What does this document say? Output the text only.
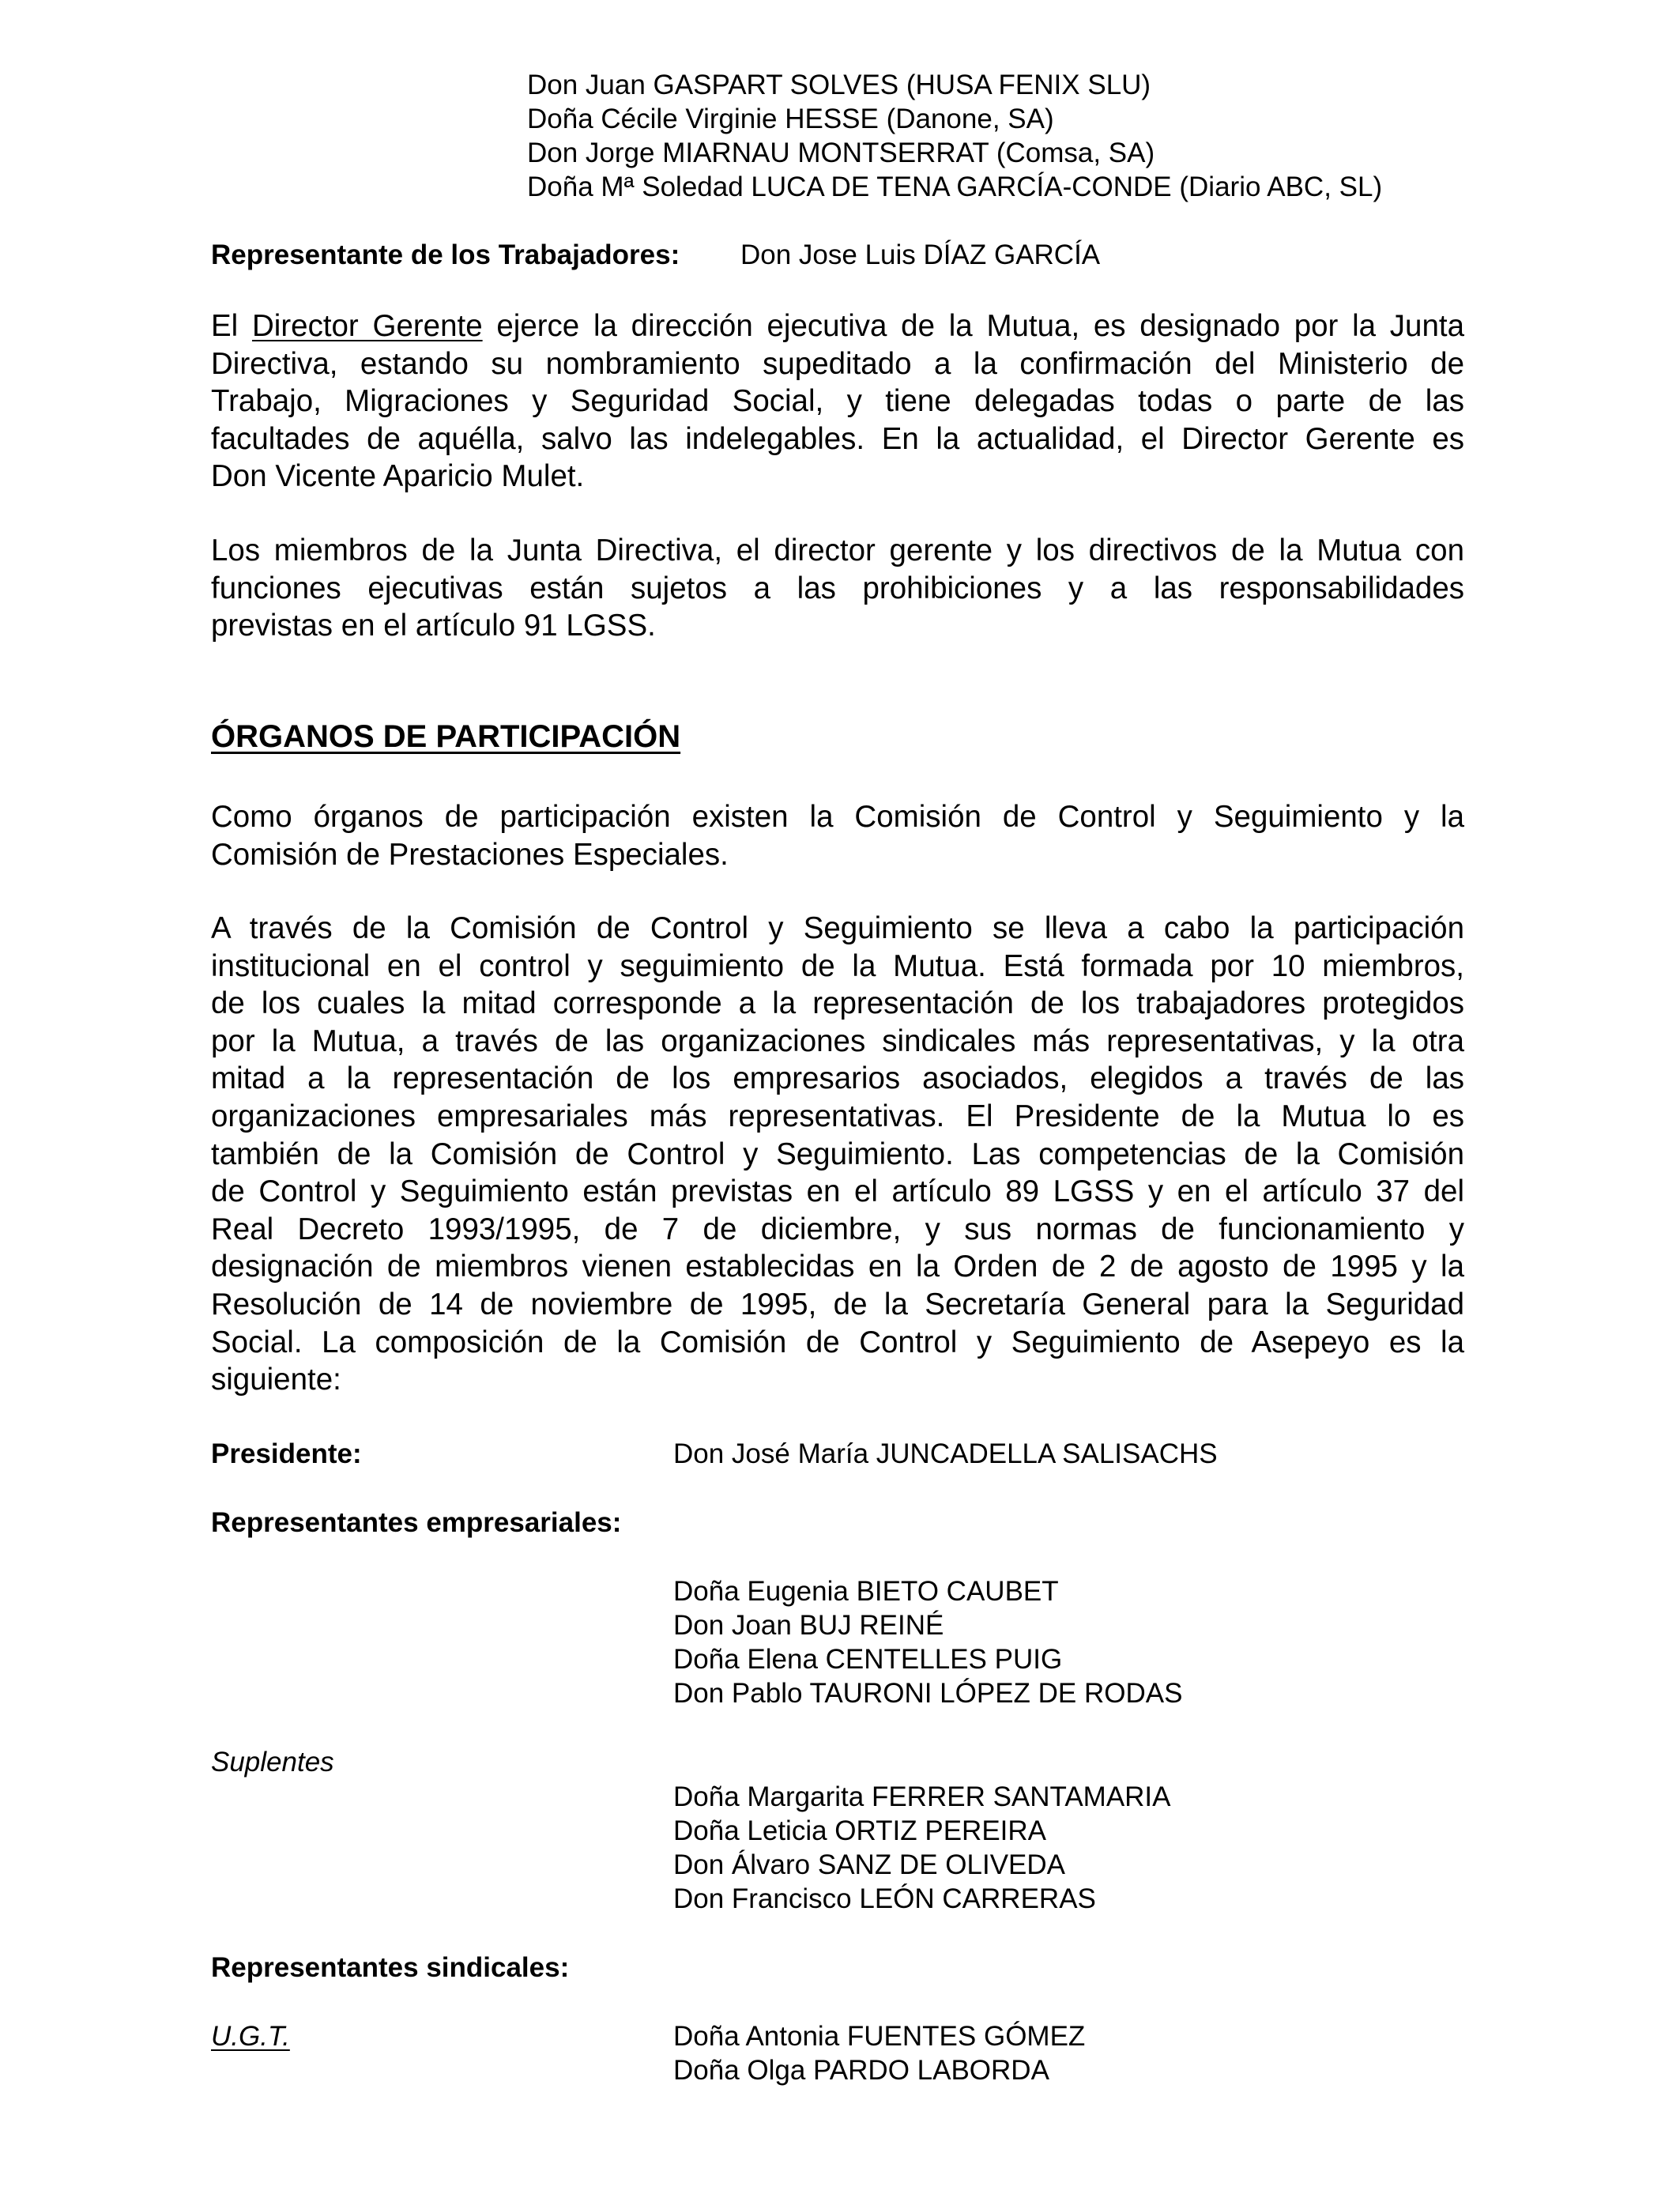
Don Juan GASPART SOLVES (HUSA FENIX SLU)
Doña Cécile Virginie HESSE (Danone, SA)
Don Jorge MIARNAU MONTSERRAT (Comsa, SA)
Doña Mª Soledad LUCA DE TENA GARCÍA-CONDE (Diario ABC, SL)
Representante de los Trabajadores: Don Jose Luis DÍAZ GARCÍA
El Director Gerente ejerce la dirección ejecutiva de la Mutua, es designado por la Junta
Directiva, estando su nombramiento supeditado a la confirmación del Ministerio de
Trabajo, Migraciones y Seguridad Social, y tiene delegadas todas o parte de las
facultades de aquélla, salvo las indelegables. En la actualidad, el Director Gerente es
Don Vicente Aparicio Mulet.
Los miembros de la Junta Directiva, el director gerente y los directivos de la Mutua con
funciones ejecutivas están sujetos a las prohibiciones y a las responsabilidades
previstas en el artículo 91 LGSS.
ÓRGANOS DE PARTICIPACIÓN
Como órganos de participación existen la Comisión de Control y Seguimiento y la
Comisión de Prestaciones Especiales.
A través de la Comisión de Control y Seguimiento se lleva a cabo la participación
institucional en el control y seguimiento de la Mutua. Está formada por 10 miembros,
de los cuales la mitad corresponde a la representación de los trabajadores protegidos
por la Mutua, a través de las organizaciones sindicales más representativas, y la otra
mitad a la representación de los empresarios asociados, elegidos a través de las
organizaciones empresariales más representativas. El Presidente de la Mutua lo es
también de la Comisión de Control y Seguimiento. Las competencias de la Comisión
de Control y Seguimiento están previstas en el artículo 89 LGSS y en el artículo 37 del
Real Decreto 1993/1995, de 7 de diciembre, y sus normas de funcionamiento y
designación de miembros vienen establecidas en la Orden de 2 de agosto de 1995 y la
Resolución de 14 de noviembre de 1995, de la Secretaría General para la Seguridad
Social. La composición de la Comisión de Control y Seguimiento de Asepeyo es la
siguiente:
Presidente:	Don José María JUNCADELLA SALISACHS
Representantes empresariales:
Doña Eugenia BIETO CAUBET
Don Joan BUJ REINÉ
Doña Elena CENTELLES PUIG
Don Pablo TAURONI LÓPEZ DE RODAS
Suplentes
Doña Margarita FERRER SANTAMARIA
Doña Leticia ORTIZ PEREIRA
Don Álvaro SANZ DE OLIVEDA
Don Francisco LEÓN CARRERAS
Representantes sindicales:
U.G.T.	Doña Antonia FUENTES GÓMEZ
Doña Olga PARDO LABORDA
